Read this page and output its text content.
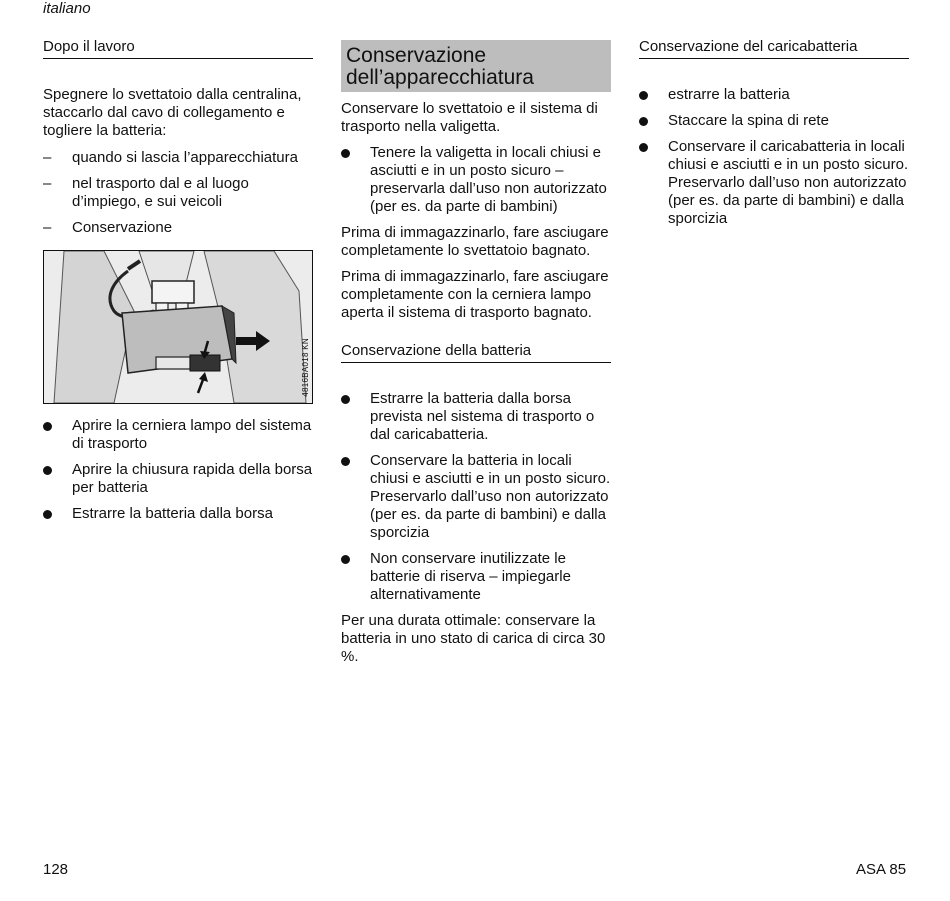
italiano
Dopo il lavoro

Spegnere lo svettatoio dalla centralina, staccarlo dal cavo di collegamento e togliere la batteria:

– quando si lascia l’apparecchiatura
– nel trasporto dal e al luogo d’impiego, e sui veicoli
– Conservazione
4816BA018 KN
Aprire la cerniera lampo del sistema di trasporto
Aprire la chiusura rapida della borsa per batteria
Estrarre la batteria dalla borsa
Conservazione dell’apparecchiatura

Conservare lo svettatoio e il sistema di trasporto nella valigetta.

Tenere la valigetta in locali chiusi e asciutti e in un posto sicuro – preservarla dall’uso non autorizzato (per es. da parte di bambini)

Prima di immagazzinarlo, fare asciugare completamente lo svettatoio bagnato.

Prima di immagazzinarlo, fare asciugare completamente con la cerniera lampo aperta il sistema di trasporto bagnato.

Conservazione della batteria
Estrarre la batteria dalla borsa prevista nel sistema di trasporto o dal caricabatteria.
Conservare la batteria in locali chiusi e asciutti e in un posto sicuro. Preservarlo dall’uso non autorizzato (per es. da parte di bambini) e dalla sporcizia
Non conservare inutilizzate le batterie di riserva – impiegarle alternativamente

Per una durata ottimale: conservare la batteria in uno stato di carica di circa 30 %.

Conservazione del caricabatteria
estrarre la batteria
Staccare la spina di rete
Conservare il caricabatteria in locali chiusi e asciutti e in un posto sicuro. Preservarlo dall’uso non autorizzato (per es. da parte di bambini) e dalla sporcizia
128	ASA 85
